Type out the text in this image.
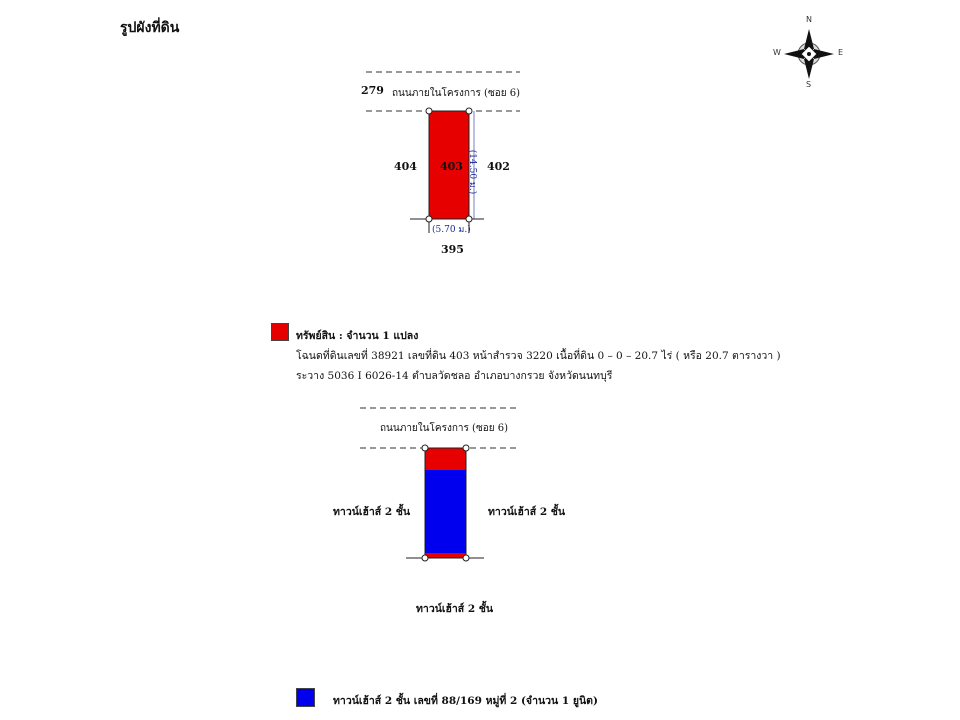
รูปผังที่ดิน
N
S
E
W
279 ถนนภายในโครงการ (ซอย 6)
404 403 402
(14.50 ม.)
(5.70 ม.)
395
ทรัพย์สิน : จำนวน 1 แปลง
โฉนดที่ดินเลขที่ 38921 เลขที่ดิน 403 หน้าสำรวจ 3220 เนื้อที่ดิน 0 – 0 – 20.7 ไร่ ( หรือ 20.7 ตารางวา )
ระวาง 5036 I 6026-14 ตำบลวัดชลอ อำเภอบางกรวย จังหวัดนนทบุรี
ถนนภายในโครงการ (ซอย 6)
ทาวน์เฮ้าส์ 2 ชั้น	ทาวน์เฮ้าส์ 2 ชั้น
ทาวน์เฮ้าส์ 2 ชั้น
ทาวน์เฮ้าส์ 2 ชั้น เลขที่ 88/169 หมู่ที่ 2 (จำนวน 1 ยูนิต)
